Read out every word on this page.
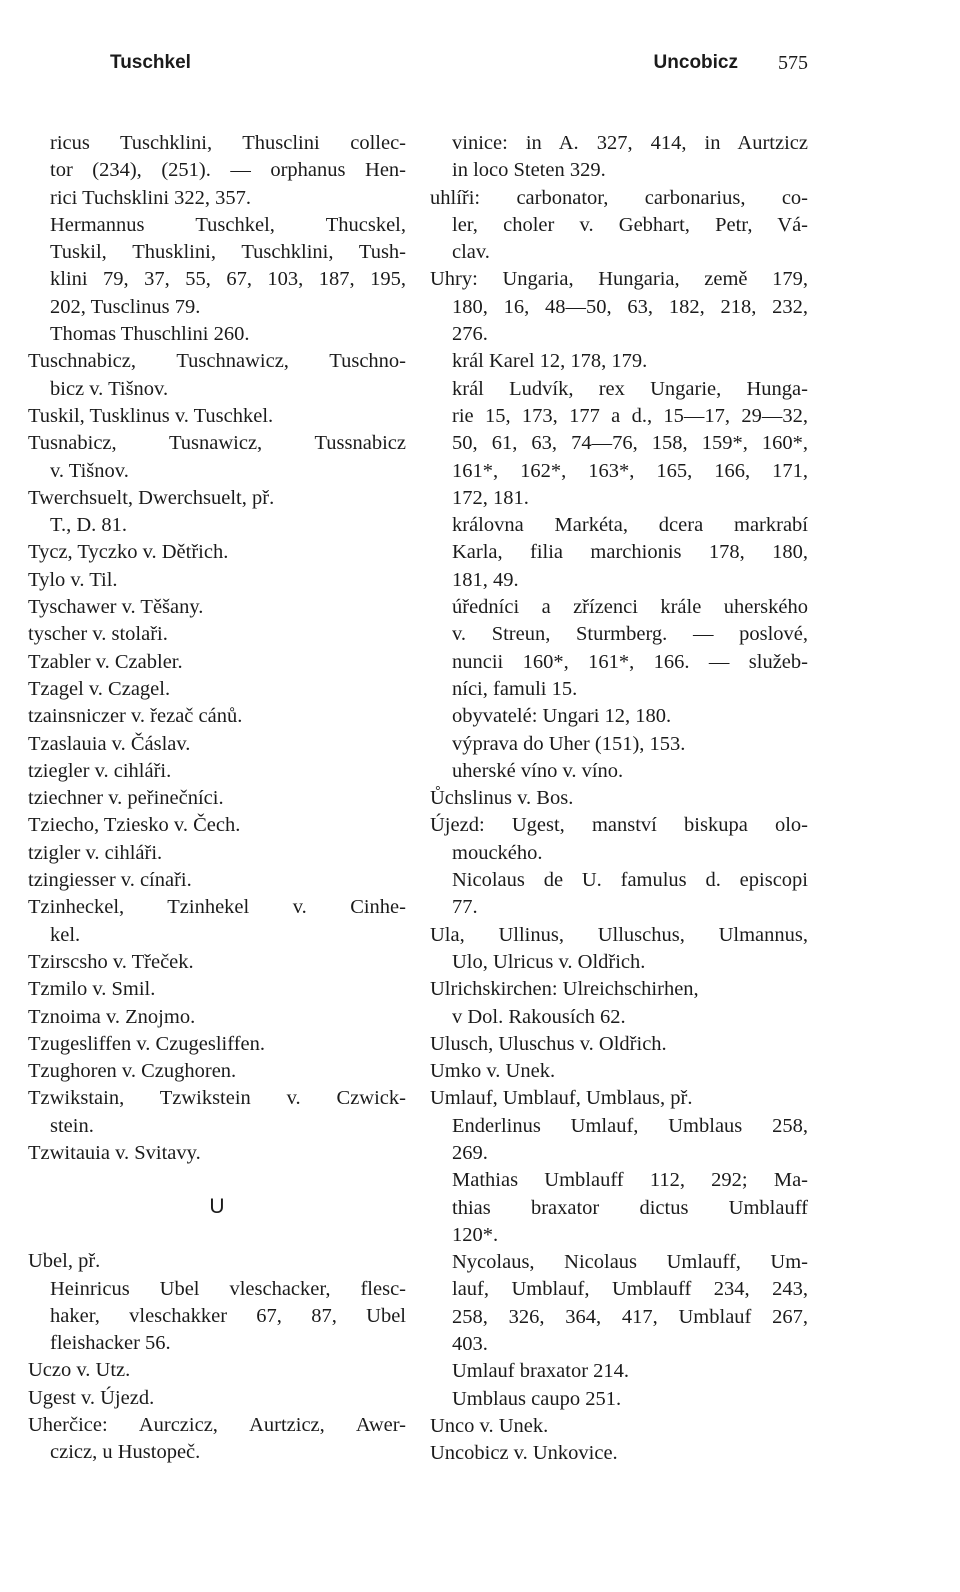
Tuschkel	Uncobicz 575
ricus Tuschklini, Thusclini collec-
tor (234), (251). — orphanus Hen-
rici Tuchsklini 322, 357.
Hermannus Tuschkel, Thucskel,
Tuskil, Thusklini, Tuschklini, Tush-
klini 79, 37, 55, 67, 103, 187, 195,
202, Tusclinus 79.
Thomas Thuschlini 260.
Tuschnabicz, Tuschnawicz, Tuschno-
bicz v. Tišnov.
Tuskil, Tusklinus v. Tuschkel.
Tusnabicz, Tusnawicz, Tussnabicz
v. Tišnov.
Twerchsuelt, Dwerchsuelt, př.
T., D. 81.
Tycz, Tyczko v. Dětřich.
Tylo v. Til.
Tyschawer v. Těšany.
tyscher v. stolaři.
Tzabler v. Czabler.
Tzagel v. Czagel.
tzainsniczer v. řezač cánů.
Tzaslauia v. Čáslav.
tziegler v. cihláři.
tziechner v. peřinečníci.
Tziecho, Tziesko v. Čech.
tzigler v. cihláři.
tzingiesser v. cínaři.
Tzinheckel, Tzinhekel v. Cinhe-
kel.
Tzirscsho v. Třeček.
Tzmilo v. Smil.
Tznoima v. Znojmo.
Tzugesliffen v. Czugesliffen.
Tzughoren v. Czughoren.
Tzwikstain, Tzwikstein v. Czwick-
stein.
Tzwitauia v. Svitavy.
U
Ubel, př.
Heinricus Ubel vleschacker, flesc-
haker, vleschakker 67, 87, Ubel
fleishacker 56.
Uczo v. Utz.
Ugest v. Újezd.
Uherčice: Aurczicz, Aurtzicz, Awer-
czicz, u Hustopeč.
vinice: in A. 327, 414, in Aurtzicz
in loco Steten 329.
uhlíři: carbonator, carbonarius, co-
ler, choler v. Gebhart, Petr, Vá-
clav.
Uhry: Ungaria, Hungaria, země 179,
180, 16, 48—50, 63, 182, 218, 232,
276.
král Karel 12, 178, 179.
král Ludvík, rex Ungarie, Hunga-
rie 15, 173, 177 a d., 15—17, 29—32,
50, 61, 63, 74—76, 158, 159*, 160*,
161*, 162*, 163*, 165, 166, 171,
172, 181.
královna Markéta, dcera markrabí
Karla, filia marchionis 178, 180,
181, 49.
úředníci a zřízenci krále uherského
v. Streun, Sturmberg. — poslové,
nuncii 160*, 161*, 166. — služeb-
níci, famuli 15.
obyvatelé: Ungari 12, 180.
výprava do Uher (151), 153.
uherské víno v. víno.
Ůchslinus v. Bos.
Újezd: Ugest, manství biskupa olo-
mouckého.
Nicolaus de U. famulus d. episcopi
77.
Ula, Ullinus, Ulluschus, Ulmannus,
Ulo, Ulricus v. Oldřich.
Ulrichskirchen: Ulreichschirhen,
v Dol. Rakousích 62.
Ulusch, Uluschus v. Oldřich.
Umko v. Unek.
Umlauf, Umblauf, Umblaus, př.
Enderlinus Umlauf, Umblaus 258,
269.
Mathias Umblauff 112, 292; Ma-
thias braxator dictus Umblauff
120*.
Nycolaus, Nicolaus Umlauff, Um-
lauf, Umblauf, Umblauff 234, 243,
258, 326, 364, 417, Umblauf 267,
403.
Umlauf braxator 214.
Umblaus caupo 251.
Unco v. Unek.
Uncobicz v. Unkovice.
